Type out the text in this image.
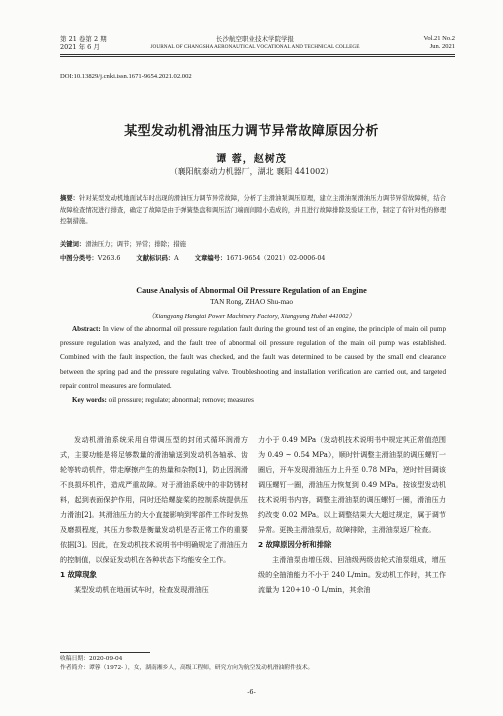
第 21 卷第 2 期
2021 年 6 月
长沙航空职业技术学院学报
JOURNAL OF CHANGSHA AERONAUTICAL VOCATIONAL AND TECHNICAL COLLEGE
Vol.21 No.2
Jun. 2021
DOI:10.13829/j.cnki.issn.1671-9654.2021.02.002
某型发动机滑油压力调节异常故障原因分析
谭 蓉，赵树茂
（襄阳航泰动力机器厂，湖北 襄阳 441002）
摘要：针对某型发动机地面试车时出现的滑油压力调节异常故障，分析了主滑油泵调压原理，建立主滑油泵滑油压力调节异常故障树，结合故障检查情况进行排查，确定了故障是由于弹簧垫盘和调压活门端面间隙小造成的，并且进行故障排除及验证工作，制定了有针对性的修理控制措施。
关键词：滑油压力；调节；异常；排除；措施
中图分类号：V263.6	文献标识码：A	文章编号：1671-9654（2021）02-0006-04
Cause Analysis of Abnormal Oil Pressure Regulation of an Engine
TAN Rong, ZHAO Shu-mao
（Xiangyang Hangtai Power Machinery Factory, Xiangyang Hubei 441002）
Abstract: In view of the abnormal oil pressure regulation fault during the ground test of an engine, the principle of main oil pump pressure regulation was analyzed, and the fault tree of abnormal oil pressure regulation of the main oil pump was established. Combined with the fault inspection, the fault was checked, and the fault was determined to be caused by the small end clearance between the spring pad and the pressure regulating valve. Troubleshooting and installation verification are carried out, and targeted repair control measures are formulated.
Key words: oil pressure; regulate; abnormal; remove; measures
发动机滑油系统采用自带调压型的封闭式循环润滑方式，主要功能是将足够数量的滑油输送到发动机各轴承、齿轮等转动机件，带走摩擦产生的热量和杂物[1]，防止因润滑不良损坏机件，造成严重故障。对于滑油系统中的非防锈材料，起到表面保护作用，同时还给螺旋桨的控制系统提供压力滑油[2]。其滑油压力的大小直接影响到零部件工作时发热及磨损程度，其压力参数是衡量发动机是否正常工作的重要依据[3]。因此，在发动机技术说明书中明确规定了滑油压力的控制值，以保证发动机在各种状态下均能安全工作。
1 故障现象
某型发动机在地面试车时，检查发现滑油压
力小于 0.49 MPa（发动机技术说明书中规定其正常值范围为 0.49 ~ 0.54 MPa），顺时针调整主滑油泵的调压螺钉一圈后，开车发现滑油压力上升至 0.78 MPa，逆时针回调该调压螺钉一圈，滑油压力恢复到 0.49 MPa。按该型发动机技术说明书内容，调整主滑油泵的调压螺钉一圈，滑油压力约改变 0.02 MPa。以上调整结果大大超过规定，属于调节异常。更换主滑油泵后，故障排除，主滑油泵返厂检查。
2 故障原因分析和排除
主滑油泵由增压级、回油级两级齿轮式油泵组成，增压级的全抽油能力不小于 240 L/min。发动机工作时，其工作流量为 120+10 -0 L/min，其余油
收稿日期：2020-09-04
作者简介：谭蓉（1972- ），女，湖南湘乡人，高级工程师，研究方向为航空发动机滑油附件技术。
-6-
